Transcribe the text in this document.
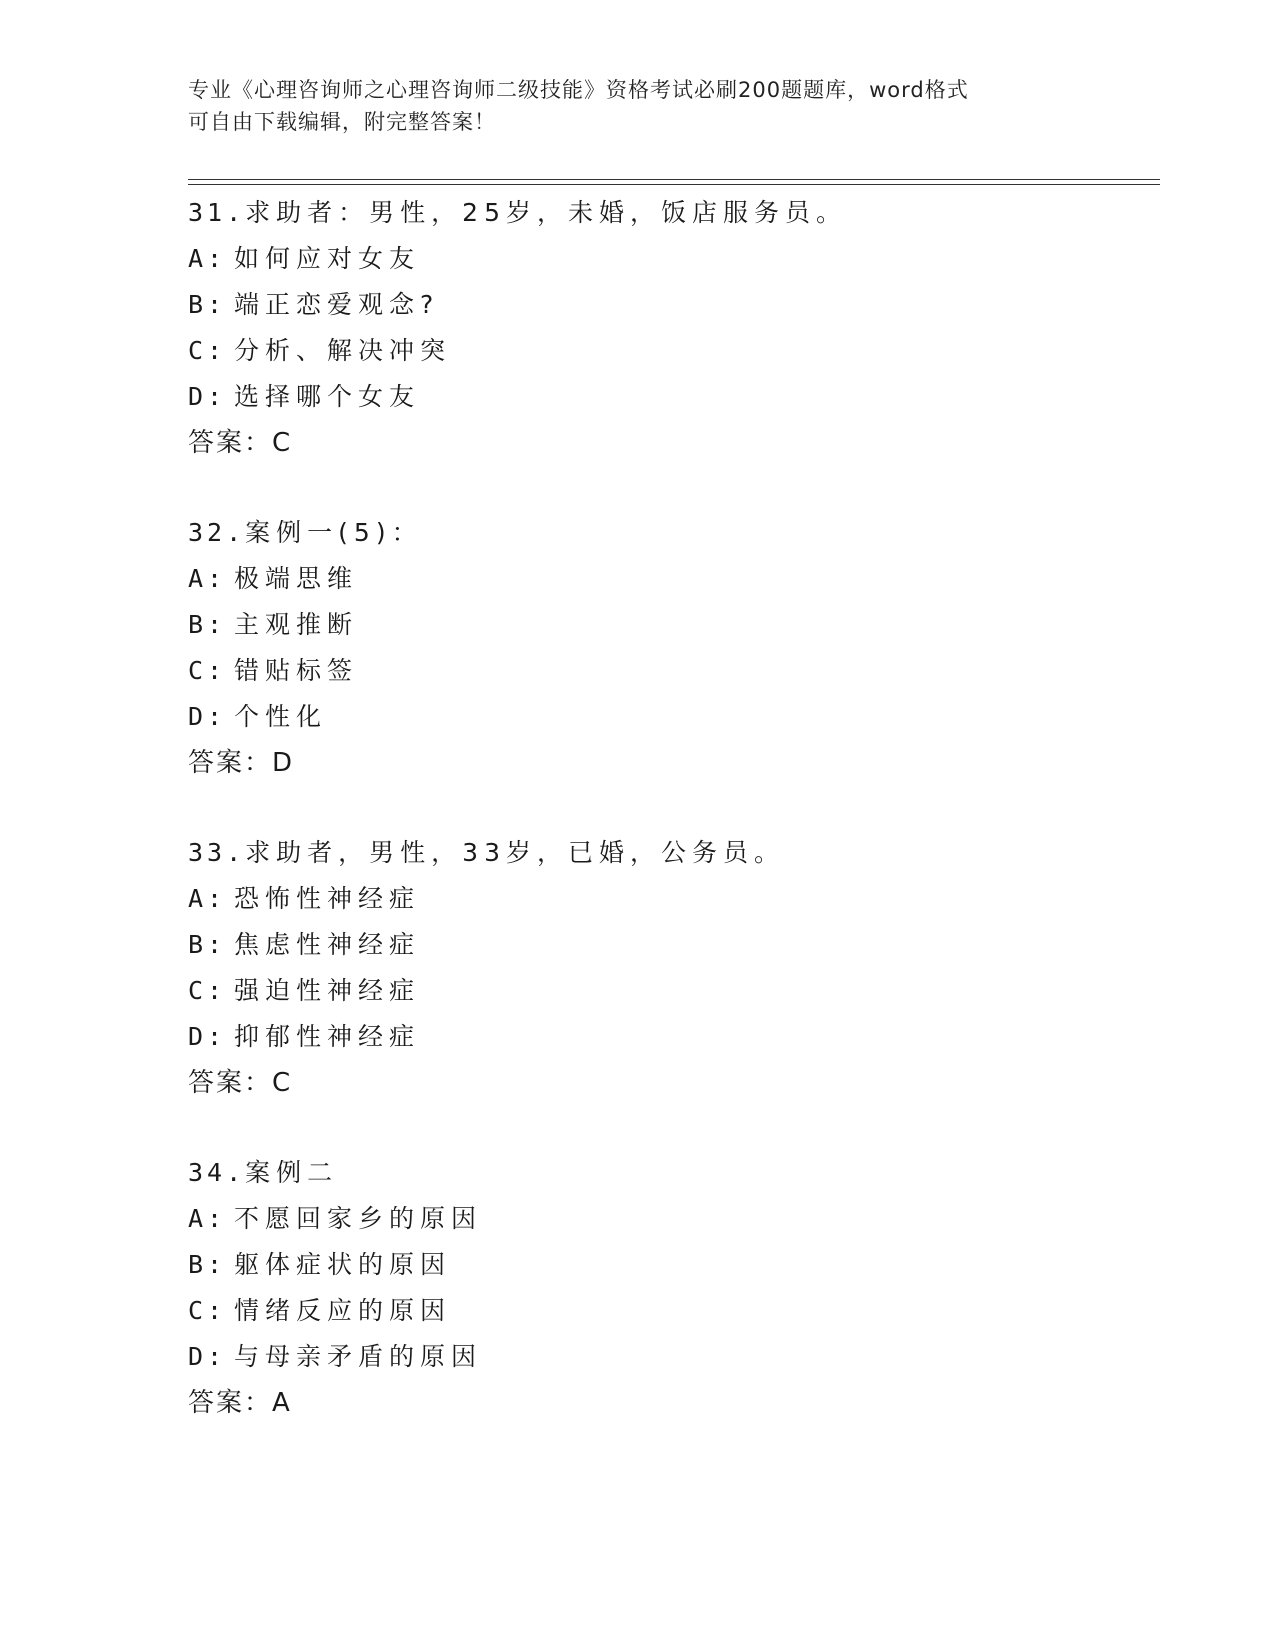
专业《心理咨询师之心理咨询师二级技能》资格考试必刷200题题库，word格式
可自由下载编辑，附完整答案！
31.求助者：男性，25岁，未婚，饭店服务员。
A: 如何应对女友
B: 端正恋爱观念?
C: 分析、解决冲突
D: 选择哪个女友
答案：C
32.案例一(5)：
A: 极端思维
B: 主观推断
C: 错贴标签
D: 个性化
答案：D
33.求助者，男性，33岁，已婚，公务员。
A: 恐怖性神经症
B: 焦虑性神经症
C: 强迫性神经症
D: 抑郁性神经症
答案：C
34.案例二
A: 不愿回家乡的原因
B: 躯体症状的原因
C: 情绪反应的原因
D: 与母亲矛盾的原因
答案：A
